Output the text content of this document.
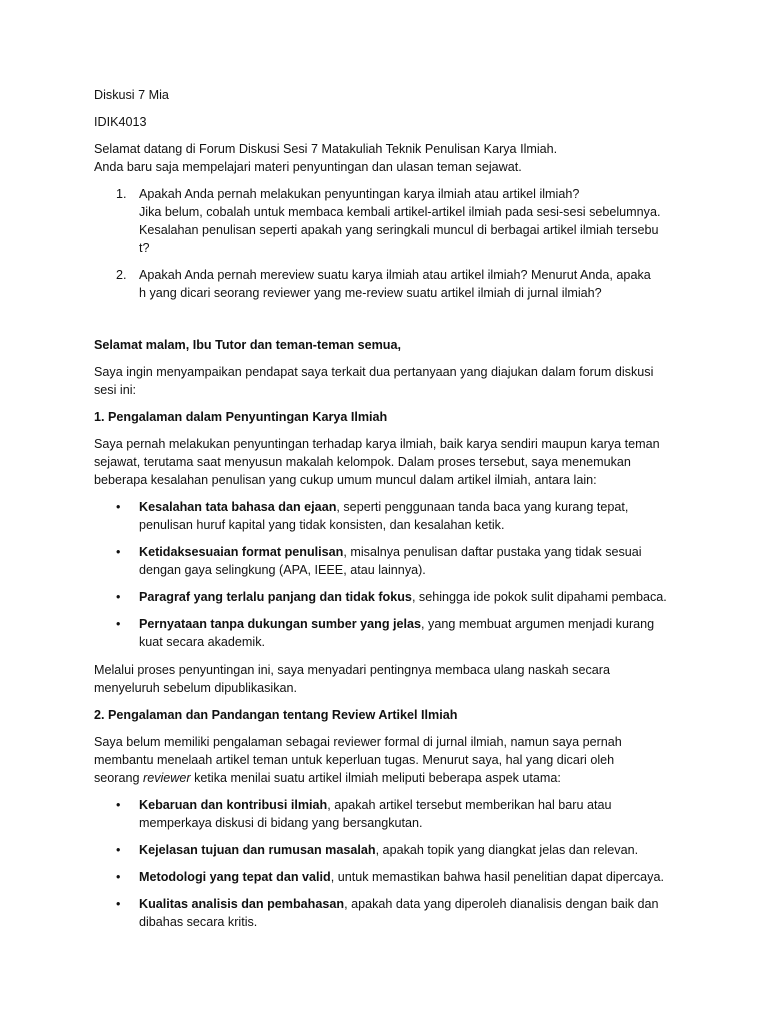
Diskusi 7 Mia

IDIK4013

Selamat datang di Forum Diskusi Sesi 7 Matakuliah Teknik Penulisan Karya Ilmiah.
Anda baru saja mempelajari materi penyuntingan dan ulasan teman sejawat.

1. Apakah Anda pernah melakukan penyuntingan karya ilmiah atau artikel ilmiah?
Jika belum, cobalah untuk membaca kembali artikel-artikel ilmiah pada sesi-sesi sebelumnya.
Kesalahan penulisan seperti apakah yang seringkali muncul di berbagai artikel ilmiah tersebu
t?
2. Apakah Anda pernah mereview suatu karya ilmiah atau artikel ilmiah? Menurut Anda, apaka
h yang dicari seorang reviewer yang me-review suatu artikel ilmiah di jurnal ilmiah?

Selamat malam, Ibu Tutor dan teman-teman semua,

Saya ingin menyampaikan pendapat saya terkait dua pertanyaan yang diajukan dalam forum diskusi
sesi ini:

1. Pengalaman dalam Penyuntingan Karya Ilmiah

Saya pernah melakukan penyuntingan terhadap karya ilmiah, baik karya sendiri maupun karya teman
sejawat, terutama saat menyusun makalah kelompok. Dalam proses tersebut, saya menemukan
beberapa kesalahan penulisan yang cukup umum muncul dalam artikel ilmiah, antara lain:

• Kesalahan tata bahasa dan ejaan, seperti penggunaan tanda baca yang kurang tepat,
penulisan huruf kapital yang tidak konsisten, dan kesalahan ketik.
• Ketidaksesuaian format penulisan, misalnya penulisan daftar pustaka yang tidak sesuai
dengan gaya selingkung (APA, IEEE, atau lainnya).
• Paragraf yang terlalu panjang dan tidak fokus, sehingga ide pokok sulit dipahami pembaca.
• Pernyataan tanpa dukungan sumber yang jelas, yang membuat argumen menjadi kurang
kuat secara akademik.

Melalui proses penyuntingan ini, saya menyadari pentingnya membaca ulang naskah secara
menyeluruh sebelum dipublikasikan.

2. Pengalaman dan Pandangan tentang Review Artikel Ilmiah

Saya belum memiliki pengalaman sebagai reviewer formal di jurnal ilmiah, namun saya pernah
membantu menelaah artikel teman untuk keperluan tugas. Menurut saya, hal yang dicari oleh
seorang reviewer ketika menilai suatu artikel ilmiah meliputi beberapa aspek utama:

• Kebaruan dan kontribusi ilmiah, apakah artikel tersebut memberikan hal baru atau
memperkaya diskusi di bidang yang bersangkutan.
• Kejelasan tujuan dan rumusan masalah, apakah topik yang diangkat jelas dan relevan.
• Metodologi yang tepat dan valid, untuk memastikan bahwa hasil penelitian dapat dipercaya.
• Kualitas analisis dan pembahasan, apakah data yang diperoleh dianalisis dengan baik dan
dibahas secara kritis.
